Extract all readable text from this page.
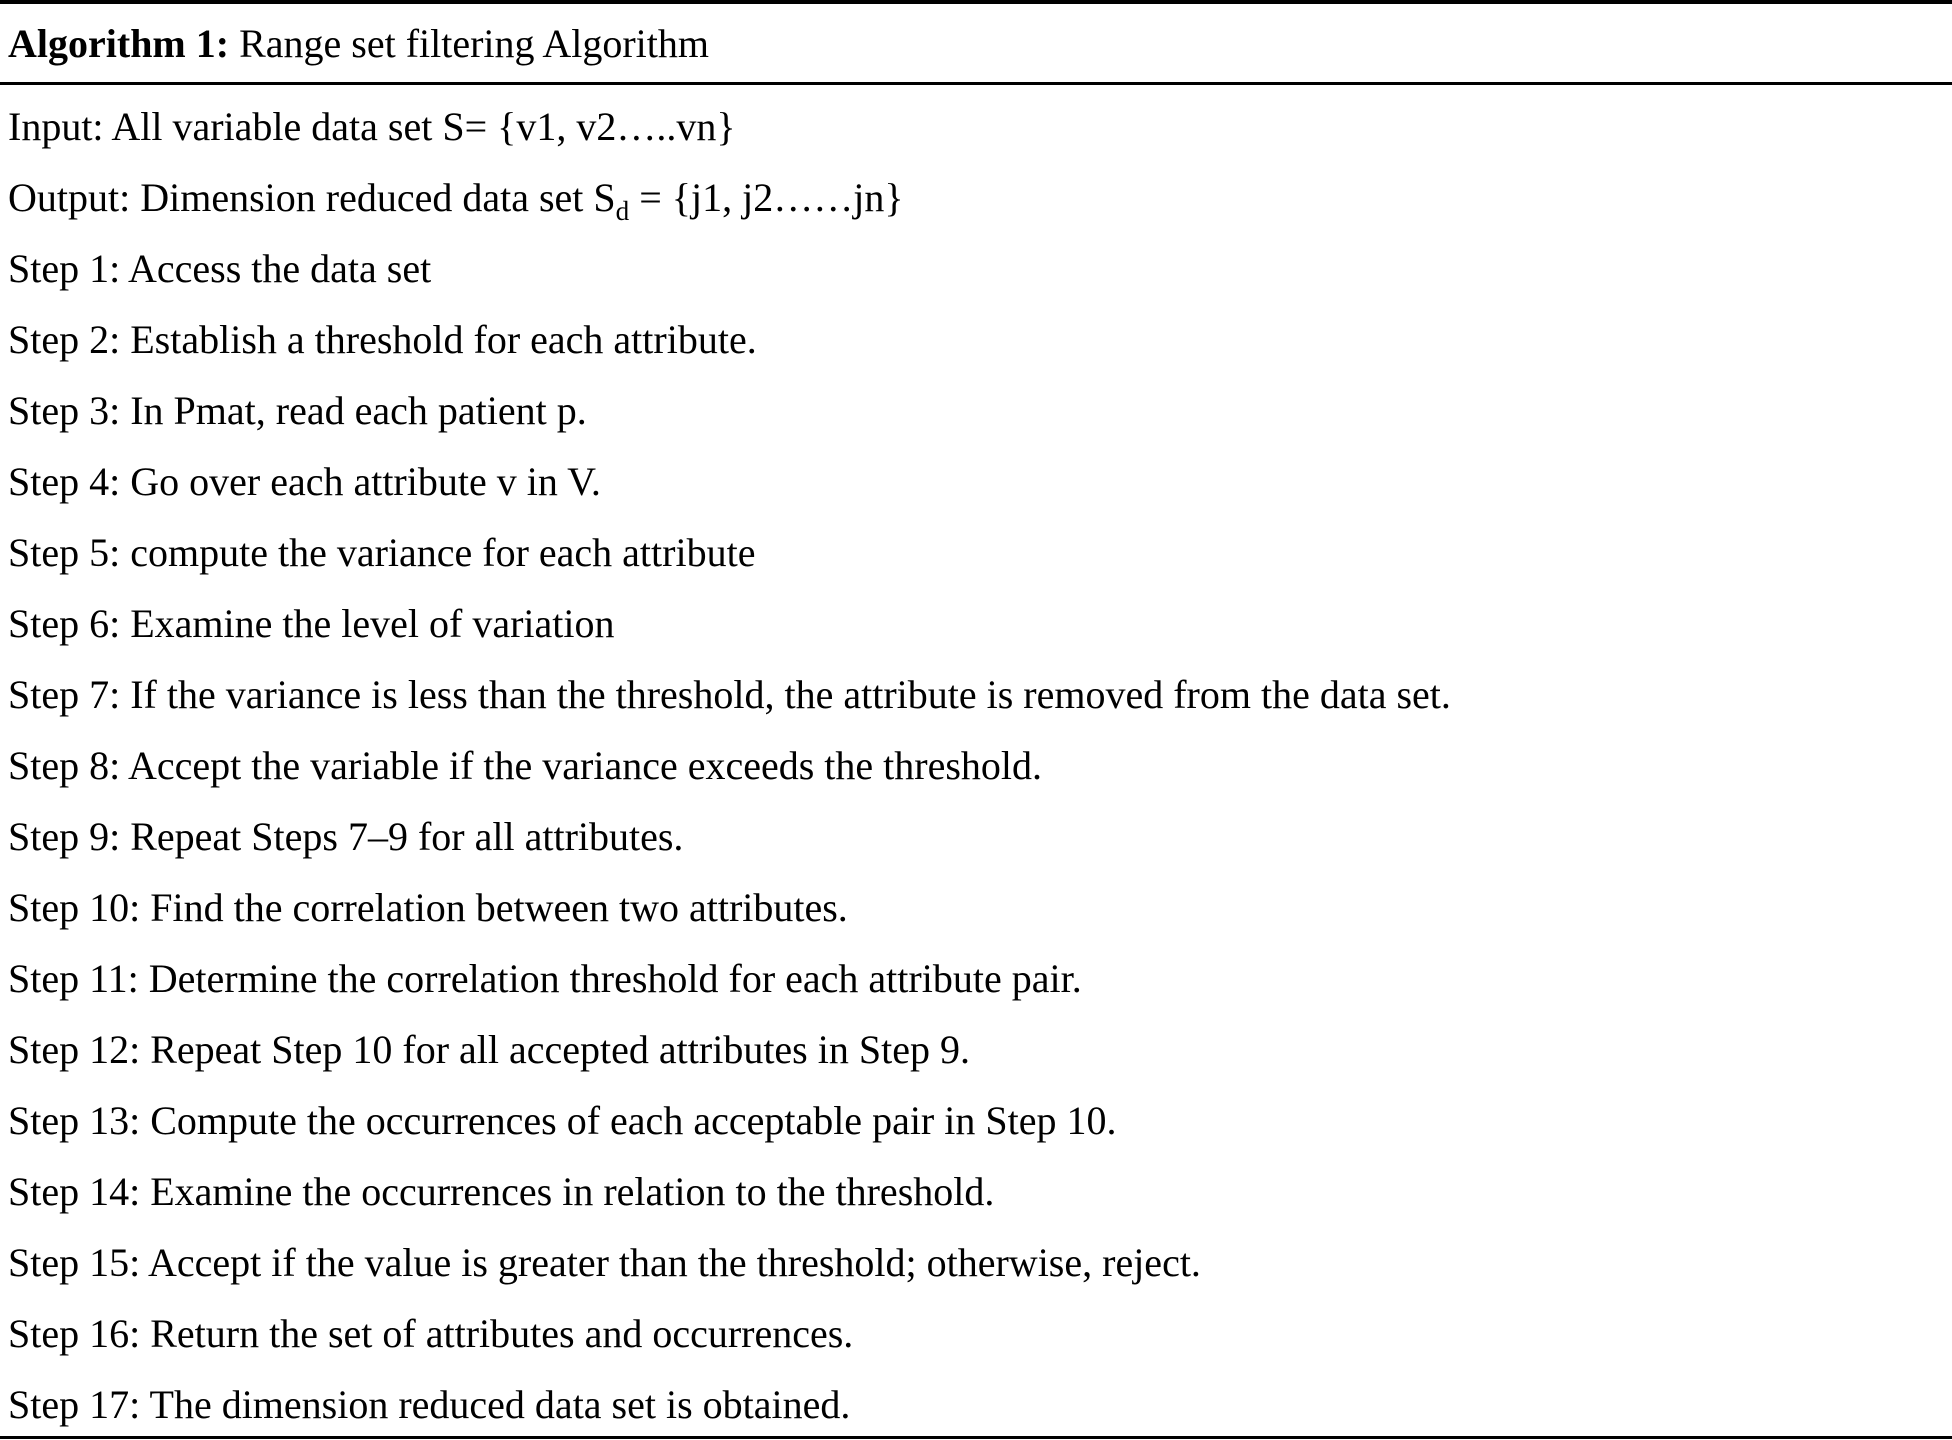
Algorithm 1: Range set filtering Algorithm
Input: All variable data set S= {v1, v2…..vn}
Output: Dimension reduced data set $S_d = \{j1$, j2……jn}
Step 1: Access the data set
Step 2: Establish a threshold for each attribute.
Step 3: In Pmat, read each patient p.
Step 4: Go over each attribute v in V.
Step 5: compute the variance for each attribute
Step 6: Examine the level of variation
Step 7: If the variance is less than the threshold, the attribute is removed from the data set.
Step 8: Accept the variable if the variance exceeds the threshold.
Step 9: Repeat Steps 7–9 for all attributes.
Step 10: Find the correlation between two attributes.
Step 11: Determine the correlation threshold for each attribute pair.
Step 12: Repeat Step 10 for all accepted attributes in Step 9.
Step 13: Compute the occurrences of each acceptable pair in Step 10.
Step 14: Examine the occurrences in relation to the threshold.
Step 15: Accept if the value is greater than the threshold; otherwise, reject.
Step 16: Return the set of attributes and occurrences.
Step 17: The dimension reduced data set is obtained.
